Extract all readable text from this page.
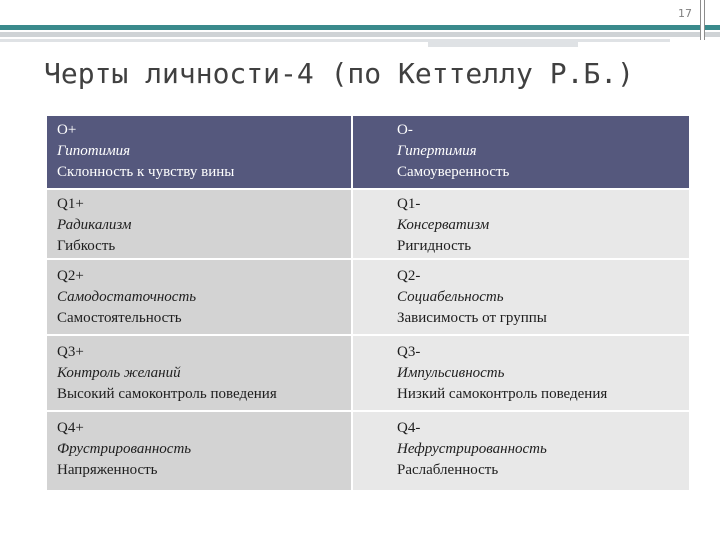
17
Черты личности-4 (по Кеттеллу Р.Б.)
O+
Гипотимия
Склонность к чувству вины
O-
Гипертимия
Самоуверенность
Q1+
Радикализм
Гибкость
Q1-
Консерватизм
Ригидность
Q2+
Самодостаточность
Самостоятельность
Q2-
Социабельность
Зависимость от группы
Q3+
Контроль желаний
Высокий самоконтроль поведения
Q3-
Импульсивность
Низкий самоконтроль поведения
Q4+
Фрустрированность
Напряженность
Q4-
Нефрустрированность
Раслабленность
